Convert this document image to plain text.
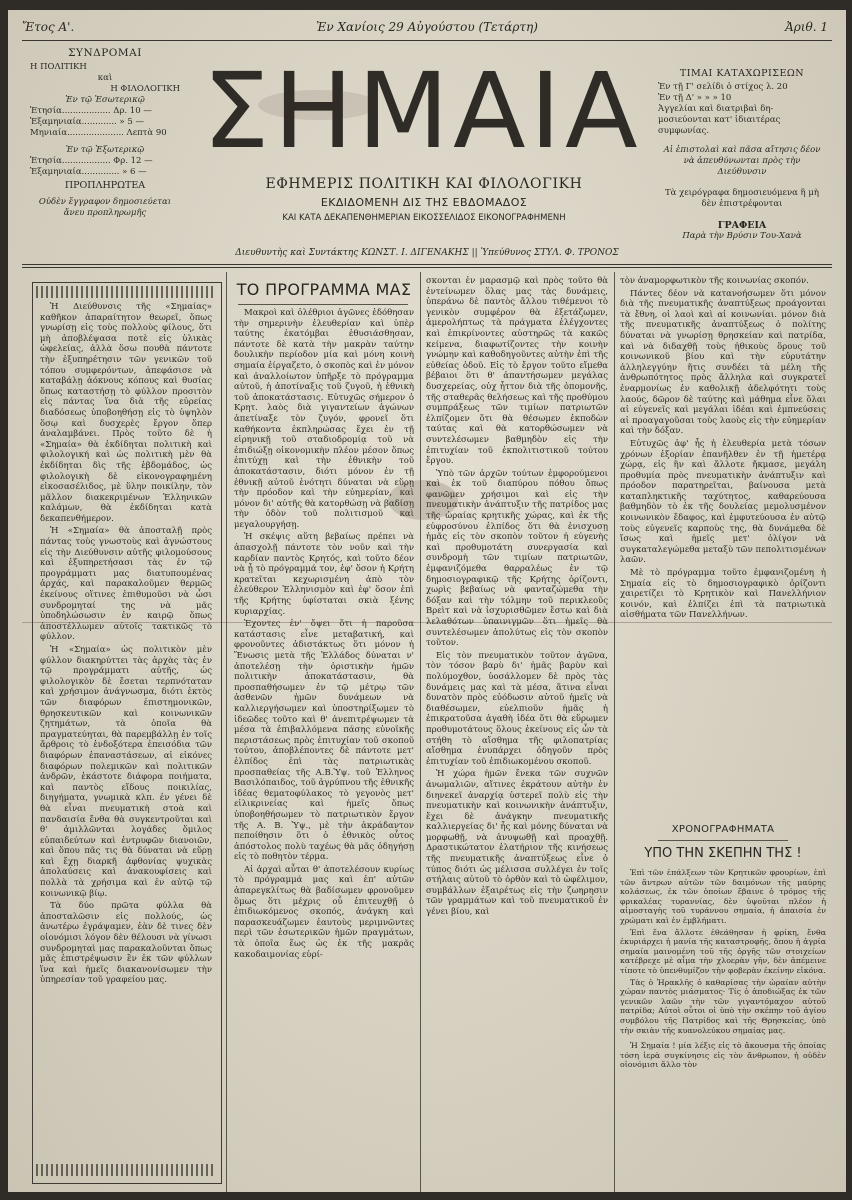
Ἔτος Α'.	Ἐν Χανίοις 29 Αὐγούστου (Τετάρτη)	Ἀριθ. 1
ΣΥΝΔΡΟΜΑΙ
Η ΠΟΛΙΤΙΚΗ
καὶ
Η ΦΙΛΟΛΟΓΙΚΗ
Ἐν τῷ Ἐσωτερικῷ
Ἐτησία.................. Δρ. 10 —
Ἐξαμηνιαία............. » 5 —
Μηνιαία..................... Λεπτὰ 90
Ἐν τῷ Ἐξωτερικῷ
Ἐτησία.................. Φρ. 12 —
Ἐξαμηνιαία.............. » 6 —
ΠΡΟΠΛΗΡΩΤΕΑ
Οὐδὲν ἔγγραφον δημοσιεύεται ἄνευ προπληρωμῆς
ΣΗΜΑΙΑ
ΕΦΗΜΕΡΙΣ ΠΟΛΙΤΙΚΗ ΚΑΙ ΦΙΛΟΛΟΓΙΚΗ
ΕΚΔΙΔΟΜΕΝΗ ΔΙΣ ΤΗΣ ΕΒΔΟΜΑΔΟΣ
ΚΑΙ ΚΑΤΑ ΔΕΚΑΠΕΝΘΗΜΕΡΙΑΝ ΕΙΚΟΣΣΕΛΙΔΟΣ ΕΙΚΟΝΟΓΡΑΦΗΜΕΝΗ
ΤΙΜΑΙ ΚΑΤΑΧΩΡΙΣΕΩΝ
Ἐν τῇ Γ' σελίδι ὁ στίχος λ. 20
Ἐν τῇ Δ' » » » 10
Ἀγγελίαι καὶ διατριβαὶ δη-
μοσιεύονται κατ' ἰδιαιτέρας
συμφωνίας.
Αἱ ἐπιστολαὶ καὶ πᾶσα αἴτησις δέον νὰ ἀπευθύνωνται πρὸς τὴν Διεύθυνσιν
Τὰ χειρόγραφα δημοσιευόμενα ἢ μὴ δὲν ἐπιστρέφονται
ΓΡΑΦΕΙΑ
Παρὰ τὴν Βρύσιν Του-Χανὰ
Διευθυντὴς καὶ Συντάκτης ΚΩΝΣΤ. Ι. ΔΙΓΕΝΑΚΗΣ || Ὑπεύθυνος ΣΤΥΛ. Φ. ΤΡΟΝΟΣ

Ἡ Διεύθυνσις τῆς «Σημαίας» καθῆκον ἀπαραίτητον θεωρεῖ, ὅπως γνωρίσῃ εἰς τοὺς πολλοὺς φίλους, ὅτι μὴ ἀποβλέψασα ποτὲ εἰς ὑλικὰς ὠφελείας, ἀλλὰ ὅσω πουθὰ πάντοτε τὴν ἐξυπηρέτησιν τῶν γενικῶν τοῦ τόπου συμφερόντων, ἀπεφάσισε νὰ καταβάλῃ ἀόκνους κόπους καὶ θυσίας ὅπως καταστήσῃ τὸ φύλλον προσιτὸν εἰς πάντας ἵνα διὰ τῆς εὐρείας διαδόσεως ὑποβοηθήσῃ εἰς τὸ ὑψηλὸν ὅσῳ καὶ δυσχερὲς ἔργον ὅπερ ἀναλαμβάνει. Πρὸς τοῦτο δὲ ἡ «Σημαία» θὰ ἐκδίδηται πολιτικὴ καὶ φιλολογική καὶ ὡς πολιτικὴ μὲν θὰ ἐκδίδηται δὶς τῆς ἑβδομάδος, ὡς φιλολογικὴ δὲ εἰκονογραφημένη εἰκοσασέλιδος, μὲ ὕλην ποικίλην, τὸν μᾶλλον διακεκριμένων Ἑλληνικῶν καλάμων, θὰ ἐκδίδηται κατὰ δεκαπενθήμερον.

Ἡ «Σημαία» θὰ ἀποσταλῇ πρὸς πάντας τοὺς γνωστοὺς καὶ ἀγνώστους εἰς τὴν Διεύθυνσιν αὐτῆς φιλομούσους καὶ ἐξυπηρετήσασι τὰς ἐν τῷ προγράμματι μας διατυπουμένας ἀρχάς, καὶ παρακαλοῦμεν θερμῶς ἐκείνους οἵτινες ἐπιθυμοῦσι νὰ ὦσι συνδρομηταί της νὰ μᾶς ὑποδηλώσωσιν ἐν καιρῷ ὅπως ἀποστέλλωμεν αὐτοῖς τακτικῶς τὸ φύλλον.

Ἡ «Σημαία» ὡς πολιτικὸν μὲν φύλλον διακηρύττει τὰς ἀρχὰς τὰς ἐν τῷ προγράμματι αὐτῆς, ὡς φιλολογικὸν δὲ ἔσεται τερπνόταταν καὶ χρήσιμον ἀνάγνωσμα, διότι ἐκτὸς τῶν διαφόρων ἐπιστημονικῶν, θρησκευτικῶν καὶ κοινωνικῶν ζητημάτων, τὰ ὁποῖα θὰ πραγματεύηται, θὰ παρεμβάλλῃ ἐν τοῖς ἄρθροις τὸ ἐνδοξότερα ἐπεισόδια τῶν διαφόρων ἐπαναστάσεων, αἱ εἰκόνες διαφόρων πολεμικῶν καὶ πολιτικῶν ἀνδρῶν, ἑκάστοτε διάφορα ποιήματα, καὶ παντὸς εἴδους ποικιλίας, διηγήματα, γνωμικὰ κλπ. ἐν γένει δὲ θὰ εἶναι πνευματικὴ στοὰ καὶ πανδαισία ἔνθα θὰ συγκεντροῦται καὶ θ' ἁμιλλῶνται λογάδες ὅμιλος εὐπαιδεύτων καὶ ἐντρυφῶν διανοιῶν, καὶ ὅπου πᾶς τις θὰ δύναται νὰ εὕρῃ καὶ ἔχῃ διαρκῆ ἀφθονίας ψυχικὰς ἀπολαύσεις καὶ ἀνακουφίσεις καὶ πολλὰ τὰ χρήσιμα καὶ ἐν αὐτῷ τῷ κοινωνικῷ βίῳ.

Τὰ δύο πρῶτα φύλλα θὰ ἀποσταλῶσιν εἰς πολλούς, ὡς ἀνωτέρω ἐγράψαμεν, ἐὰν δὲ τινες δὲν οἰονόμισι λόγον δὲν θέλουσι νὰ γίνωσι συνδρομηταὶ μας παρακαλοῦνται ὅπως μᾶς ἐπιστρέψωσιν ἓν ἐκ τῶν φύλλων ἵνα καὶ ἡμεῖς διακανονίσωμεν τὴν ὑπηρεσίαν τοῦ γραφείου μας.

ΤΟ ΠΡΟΓΡΑΜΜΑ ΜΑΣ

Μακροὶ καὶ ὀλέθριοι ἀγῶνες ἐδόθησαν τὴν σημερινὴν ἐλευθερίαν καὶ ὑπὲρ ταύτης ἑκατόμβαι ἐθυσιάσθησαν, πάντοτε δὲ κατὰ τὴν μακρὰν ταύτην δουλικὴν περίοδον μία καὶ μόνη κοινὴ σημαία ἐίργαζετο, ὁ σκοπὸς καὶ ἐν μόνον καὶ ἀναλλοίωτον ὑπῆρξε τὸ πρόγραμμα αὐτοῦ, ἡ ἀποτίναξις τοῦ ζυγοῦ, ἡ ἐθνικὴ τοῦ ἀποκατάστασις. Εὐτυχῶς σήμερον ὁ Κρητ. λαὸς διὰ γιγαντείων ἀγώνων ἀπετίναξε τὸν ζυγόν, φρονεῖ ὅτι καθήκοντα ἐκπληρώσας ἔχει ἐν τῇ εἰρηνικῇ τοῦ σταδιοδρομίᾳ τοῦ νὰ ἐπιδιώξῃ οἰκονομικὴν πλέον μέσον ὅπως ἐπιτύχῃ καὶ τὴν ἐθνικὴν τοῦ ἀποκατάστασιν, διότι μόνον ἐν τῇ ἐθνικῇ αὐτοῦ ἑνότητι δύναται νὰ εὕρῃ τὴν πρόοδον καὶ τὴν εὐημερίαν, καὶ μόνον δι' αὐτῆς θὰ κατορθώσῃ νὰ βαδίσῃ τὴν ὁδὸν τοῦ πολιτισμοῦ καὶ μεγαλουργήσῃ.

Ἡ σκέψις αὕτη βεβαίως πρέπει νὰ ἀπασχολῇ πάντοτε τὸν νοῦν καὶ τὴν καρδίαν παντὸς Κρητός, καὶ τοῦτο δέον νὰ ᾖ τὸ πρόγραμμά τον, ἐφ' ὅσον ἡ Κρήτη κρατεῖται κεχωρισμένη ἀπὸ τὸν ἐλεύθερον Ἑλληνισμὸν καὶ ἐφ' ὅσον ἐπὶ τῆς Κρήτης ὑφίσταται σκιὰ ξένης κυριαρχίας.

Ἐχοντες ἐν' ὄψει ὅτι ἡ παροῦσα κατάστασις εἶνε μεταβατική, καὶ φρονοῦντες ἀδιστάκτως ὅτι μόνον ἡ Ἕνωσις μετὰ τῆς Ἑλλάδος δύναται ν' ἀποτελέσῃ τὴν ὁριστικὴν ἡμῶν πολιτικὴν ἀποκατάστασιν, θὰ προσπαθήσωμεν ἐν τῷ μέτρῳ τῶν ἀσθενῶν ἡμῶν δυνάμεων νὰ καλλιεργήσωμεν καὶ ὑποστηρίξωμεν τὸ ἰδεῶδες τοῦτο καὶ θ' ἀνεπιτρέψωμεν τὰ μέσα τὰ ἐπιβαλλόμενα πάσης εὐνοϊκῆς περιστάσεως πρὸς ἐπιτυχίαν τοῦ σκοποῦ τούτου, ἀποβλέποντες δὲ πάντοτε μετ' ἐλπίδος ἐπὶ τὰς πατριωτικὰς προσπαθείας τῆς Α.Β.Ὑψ. τοῦ Ἑλληνος Βασιλόπαιδος, τοῦ ἀγρύπνου τῆς ἐθνικῆς ἰδέας θεματοφύλακος τὸ γεγονὸς μετ' εἰλικρινείας καὶ ἡμεῖς ὅπως ὑποβοηθήσωμεν τὸ πατριωτικὸν ἔργον τῆς Α. Β. Ὑψ., μὲ τὴν ἀκράδαντον πεποίθησιν ὅτι ὁ ἐθνικὸς οὗτος ἀπόστολος πολὺ ταχέως θὰ μᾶς ὁδηγήσῃ εἰς τὸ ποθητὸν τέρμα.

Αἱ ἀρχαὶ αὗται θ' ἀποτελέσουν κυρίως τὸ πρόγραμμά μας καὶ ἐπ' αὐτῶν ἀπαρεγκλίτως θὰ βαδίσωμεν φρονοῦμεν ὅμως ὅτι μέχρις οὗ ἐπιτευχθῇ ὁ ἐπιδιωκόμενος σκοπός, ἀνάγκη καὶ παρασκευάζωμεν ἐαυτοὺς μεριμνῶντες περὶ τῶν ἐσωτερικῶν ἡμῶν πραγμάτων, τὰ ὁποῖα ἕως ὡς ἐκ τῆς μακρᾶς κακοδαιμονίας εὑρί-

σκονται ἐν μαρασμῷ καὶ πρὸς τοῦτο θὰ ἐντείνωμεν ὅλας μας τὰς δυνάμεις, ὑπεράνω δὲ παντὸς ἄλλου τιθέμενοι τὸ γενικὸν συμφέρον θὰ ἐξετάζωμεν, ἀμερολήπτως τὰ πράγματα ἐλέγχοντες καὶ ἐπικρίνοντες αὐστηρῶς τὰ κακῶς κείμενα, διαφωτίζοντες τὴν κοινὴν γνώμην καὶ καθοδηγοῦντες αὐτὴν ἐπὶ τῆς εὐθείας ὁδοῦ. Εἰς τὸ ἔργον τοῦτο εἴμεθα βέβαιοι ὅτι θ' ἀπαντήσωμεν μεγάλας δυσχερείας, οὐχ ἧττον διὰ τῆς ὁπομονῆς, τῆς σταθερᾶς θελήσεως καὶ τῆς προθύμου συμπράξεως τῶν τιμίων πατριωτῶν ἐλπίζομεν ὅτι θὰ θέσωμεν ἐκποδὼν ταύτας καὶ θὰ κατορθώσωμεν νὰ συντελέσωμεν βαθμηδὸν εἰς τὴν ἐπιτυχίαν τοῦ ἐκπολιτιστικοῦ τούτου ἔργου.

Ὑπὸ τῶν ἀρχῶν τούτων ἐμφορούμενοι καὶ ἐκ τοῦ διαπύρου πόθου ὅπως φανῶμεν χρήσιμοι καὶ εἰς τὴν πνευματικὴν ἀνάπτυξιν τῆς πατρίδος μας τῆς ὡραίας κρητικῆς χώρας, καὶ ἐκ τῆς εὐφροσύνου ἐλπίδος ὅτι θὰ ἐνισχυσῃ ἡμᾶς εἰς τὸν σκοπὸν τοῦτον ἡ εὐγενὴς καὶ προθυμοτάτη συνεργασία καὶ συνδρομὴ τῶν τιμίων πατριωτῶν, ἐμφανιζόμεθα θαρραλέως ἐν τῷ δημοσιογραφικῷ τῆς Κρήτης ὁρίζοντι, χωρὶς βεβαίως νὰ φανταζώμεθα τὴν δόξαν καὶ τὴν τόλμην τοῦ περικλεοῦς Βρεὶτ καὶ νὰ ἰσχυρισθῶμεν ἔστω καὶ διὰ λελαθότων ὑπαινιγμῶν ὅτι ἡμεῖς θὰ συντελέσωμεν ἀπολύτως εἰς τὸν σκοπὸν τοῦτον.

Εἰς τὸν πνευματικὸν τοῦτον ἀγῶνα, τὸν τόσον βαρὺ δι' ἡμᾶς βαρὺν καὶ πολύμοχθον, ὑοσάλλομεν δὲ πρὸς τὰς δυνάμεις μας καὶ τὰ μέσα, ἅτινα εἶναι δυνατὸν πρὸς εὐόδωσιν αὐτοῦ ἡμεῖς νὰ διαθέσωμεν, εὐελπιοῦν ἡμᾶς ἡ ἐπικρατοῦσα ἀγαθὴ ἰδέα ὅτι θὰ εὕρωμεν προθυμοτάτους ὅλους ἐκείνους εἰς ὧν τὰ στήθη τὸ αἴσθημα τῆς φιλοπατρίας αἴσθημα ἐνυπάρχει ὁδηγοῦν πρὸς ἐπιτυχίαν τοῦ ἐπιδιωκομένου σκοποῦ.

Ἡ χώρα ἡμῶν ἔνεκα τῶν συχνῶν ἀνωμαλιῶν, αἵτινες ἐκράτουν αὐτὴν ἐν διηνεκεῖ ἀναρχίᾳ ὑστερεῖ πολὺ εἰς τὴν πνευματικὴν καὶ κοινωνικὴν ἀνάπτυξιν, ἔχει δὲ ἀνάγκην πνευματικῆς καλλιεργείας δι' ἧς καὶ μόνης δύναται νὰ μορφωθῇ, νὰ ἀνυψωθῇ καὶ προαχθῇ. Δραστικώτατον ἐλατήριον τῆς κινήσεως τῆς πνευματικῆς ἀναπτύξεως εἶνε ὁ τύπος διότι ὡς μέλισσα συλλέγει ἐν τοῖς στήλαις αὐτοῦ τὸ ὀρθὸν καὶ τὸ ὠφέλιμον, συμβάλλων ἐξαιρέτως εἰς τὴν ζωηρησιν τῶν γραμμάτων καὶ τοῦ πνευματικοῦ ἐν γένει βίου, καὶ

τὸν ἀναμορφωτικὸν τῆς κοινωνίας σκοπόν.

Πάντες δέον νὰ κατανοήσωμεν ὅτι μόνον διὰ τῆς πνευματικῆς ἀναπτύξεως προάγονται τὰ ἔθνη, οἱ λαοὶ καὶ αἱ κοινωνίαι. μόνον διὰ τῆς πνευματικῆς ἀναπτύξεως ὁ πολίτης δύναται νὰ γνωρίσῃ θρησκείαν καὶ πατρίδα, καὶ νὰ διδαχθῇ τοὺς ἠθικοὺς ὅρους τοῦ κοινωνικοῦ βίου καὶ τὴν εὐρυτάτην ἀλληλεγγύην ἥτις συνδέει τὰ μέλη τῆς ἀνθρωπότητος πρὸς ἄλληλα καὶ συγκρατεῖ ἐναρμονίως ἐν καθολικῇ ἀδελφότητι τοὺς λαούς, δῶρον δὲ ταύτης καὶ μάθημα εἶνε ὅλαι αἱ εὐγενεῖς καὶ μεγάλαι ἰδέαι καὶ ἐμπνεύσεις αἱ προαγαγοῦσαι τοὺς λαοὺς εἰς τὴν εὐημερίαν καὶ τὴν δόξαν.

Εὐτυχῶς ἀφ' ἧς ἡ ἐλευθερία μετὰ τόσων χρόνων ἐξορίαν ἐπανῆλθεν ἐν τῇ ἡμετέρᾳ χώρᾳ, εἰς ἣν καὶ ἄλλοτε ἤκμασε, μεγάλη προθυμία πρὸς πνευματικὴν ἀνάπτυξιν καὶ πρόοδον παρατηρεῖται, βαίνουσα μετὰ καταπληκτικῆς ταχύτητος, καθαρεύουσα βαθμηδὸν τὸ ἐκ τῆς δουλείας μεμολυσμένον κοινωνικὸν ἔδαφος, καὶ ἐμφυτεύουσα ἐν αὐτῷ τοὺς εὐγενεῖς καρποὺς της, θὰ δυνάμεθα δὲ ἴσως καὶ ἡμεῖς μετ' ὀλίγον νὰ συγκαταλεγώμεθα μεταξὺ τῶν πεπολιτισμένων λαῶν.

Μὲ τὸ πρόγραμμα τοῦτο ἐμφανιζομένη ἡ Σημαία εἰς τὸ δημοσιογραφικὸ ὁρίζοντι χαιρετίζει τὸ Κρητικὸν καὶ Πανελλήνιον κοινόν, καὶ ἐλπίζει ἐπὶ τὰ πατριωτικὰ αἰσθήματα τῶν Πανελλήνων.

ΧΡΟΝΟΓΡΑΦΗΜΑΤΑ
ΥΠΟ ΤΗΝ ΣΚΕΠΗΝ ΤΗΣ !

Ἐπὶ τῶν ἐπάλξεων τῶν Κρητικῶν φρουρίων, ἐπὶ τῶν ἄντρων αὐτῶν τῶν δαιμόνων τῆς μαύρης κολάσεως, ἐκ τῶν ὁποίων ἔβαινε ὁ τρόμος τῆς φρικαλέας τυραννίας, δὲν ὑψοῦται πλέον ἡ αἱμοσταγὴς τοῦ τυράννου σημαία, ἡ ἀπαισία ἐν χρώματι καὶ ἐν ἐμβλήματι.

Ἐπὶ ἕνα ἄλλοτε ἐθεάθησαν ἡ φρίκη, ἔνθα ἐκυριάρχει ἡ μανία τῆς καταστροφῆς, ὅπου ἡ ἀγρία σημαία μαινομένη τοῦ τῆς ὀργῆς τῶν στοιχείων κατέβρεχε μὲ αἷμα τὴν χλοερὰν γῆν, δὲν ἀπέμεινε τίποτε τὸ ὑπενθυμίζον τὴν φοβερὰν ἐκείνην εἰκόνα.

Τὰς ὁ Ἡρακλῆς ὁ καθαρίσας τὴν ὡραίαν αὐτὴν χώραν παντὸς μιάσματος· Τίς ὁ ἀποδιώξας ἐκ τῶν γενικῶν λαῶν τὴν τῶν γιγαντόμαχον αὐτοῦ πατρίδα; Αὐτοὶ οὗτοι οἱ ὑπὸ τὴν σκέπην τοῦ ἁγίου συμβόλου τῆς Πατρίδος καὶ τῆς Θρησκείας, ὑπὸ τὴν σκιὰν τῆς κυανολεύκου σημαίας μας.

Ἡ Σημαία ! μία λέξις εἰς τὸ ἄκουσμα τῆς ὁποίας τόση ἱερὰ συγκίνησις εἰς τὸν ἄνθρωπον, ἡ οὐδὲν οἰονόμισι ἄλλο τὸν
